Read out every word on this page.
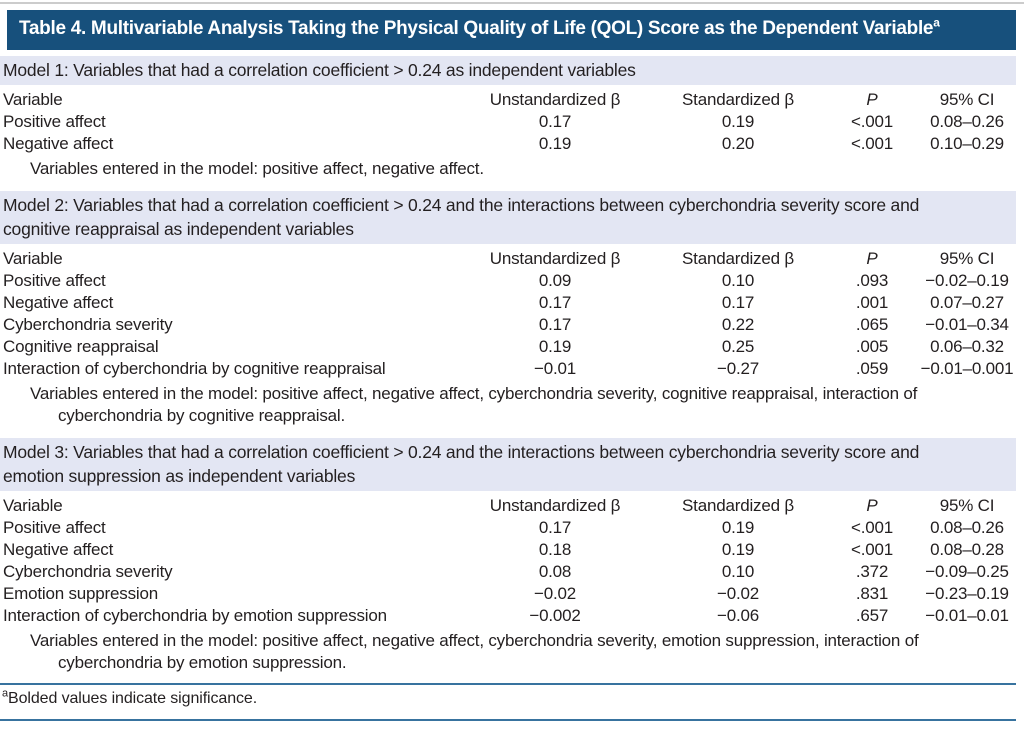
Table 4. Multivariable Analysis Taking the Physical Quality of Life (QOL) Score as the Dependent Variable$^a$
Model 1: Variables that had a correlation coefficient > 0.24 as independent variables
Variable	Unstandardized β	Standardized β	P	95% CI
Positive affect	0.17	0.19	<.001	0.08–0.26
Negative affect	0.19	0.20	<.001	0.10–0.29
Variables entered in the model: positive affect, negative affect.				
Model 2: Variables that had a correlation coefficient > 0.24 and the interactions between cyberchondria severity score and cognitive reappraisal as independent variables
Variable	Unstandardized β	Standardized β	P	95% CI
Positive affect	0.09	0.10	.093	−0.02–0.19
Negative affect	0.17	0.17	.001	0.07–0.27
Cyberchondria severity	0.17	0.22	.065	−0.01–0.34
Cognitive reappraisal	0.19	0.25	.005	0.06–0.32
Interaction of cyberchondria by cognitive reappraisal	−0.01	−0.27	.059	−0.01–0.001
Variables entered in the model: positive affect, negative affect, cyberchondria severity, cognitive reappraisal, interaction of cyberchondria by cognitive reappraisal.				
Model 3: Variables that had a correlation coefficient > 0.24 and the interactions between cyberchondria severity score and emotion suppression as independent variables
Variable	Unstandardized β	Standardized β	P	95% CI
Positive affect	0.17	0.19	<.001	0.08–0.26
Negative affect	0.18	0.19	<.001	0.08–0.28
Cyberchondria severity	0.08	0.10	.372	−0.09–0.25
Emotion suppression	−0.02	−0.02	.831	−0.23–0.19
Interaction of cyberchondria by emotion suppression	−0.002	−0.06	.657	−0.01–0.01
Variables entered in the model: positive affect, negative affect, cyberchondria severity, emotion suppression, interaction of cyberchondria by emotion suppression.				
$^a$Bolded values indicate significance.
